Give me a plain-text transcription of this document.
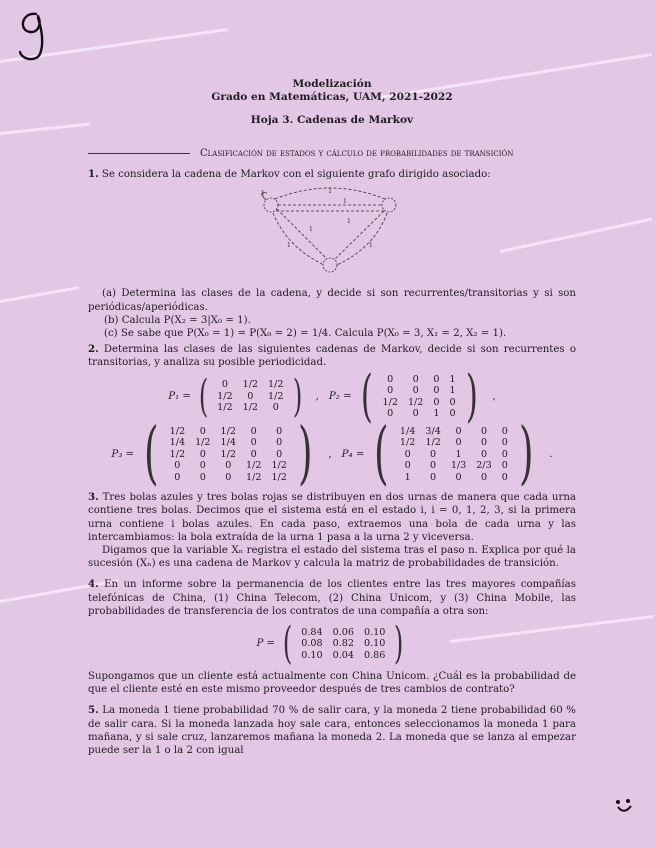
Modelización
Grado en Matemáticas, UAM, 2021-2022
Hoja 3. Cadenas de Markov
Clasificación de estados y cálculo de probabilidades de transición
1. Se considera la cadena de Markov con el siguiente grafo dirigido asociado:
1
1
1
1
1
1	1
(a) Determina las clases de la cadena, y decide si son recurrentes/transitorias y si son periódicas/aperiódicas.
(b) Calcula P(X₂ = 3|X₀ = 1).
(c) Se sabe que P(X₀ = 1) = P(X₀ = 2) = 1/4. Calcula P(X₀ = 3, X₁ = 2, X₂ = 1).
2. Determina las clases de las siguientes cadenas de Markov, decide si son recurrentes o transitorias, y analiza su posible periodicidad.
P₁ = ( 0	1/2	1/2
1/2	0	1/2
1/2	1/2	0 ) , P₂ = ( 0	0	0	1
0	0	0	1
1/2	1/2	0	0
0	0	1	0 ) ,
P₃ = ( 1/2	0	1/2	0	0
1/4	1/2	1/4	0	0
1/2	0	1/2	0	0
0	0	0	1/2	1/2
0	0	0	1/2	1/2 ) , P₄ = ( 1/4	3/4	0	0	0
1/2	1/2	0	0	0
0	0	1	0	0
0	0	1/3	2/3	0
1	0	0	0	0 ) .
3. Tres bolas azules y tres bolas rojas se distribuyen en dos urnas de manera que cada urna contiene tres bolas. Decimos que el sistema está en el estado i, i = 0, 1, 2, 3, si la primera urna contiene i bolas azules. En cada paso, extraemos una bola de cada urna y las intercambiamos: la bola extraída de la urna 1 pasa a la urna 2 y viceversa.
Digamos que la variable Xₙ registra el estado del sistema tras el paso n. Explica por qué la sucesión (Xₙ) es una cadena de Markov y calcula la matriz de probabilidades de transición.
4. En un informe sobre la permanencia de los clientes entre las tres mayores compañías telefónicas de China, (1) China Telecom, (2) China Unicom, y (3) China Mobile, las probabilidades de transferencia de los contratos de una compañía a otra son:
P = ( 0.84	0.06	0.10
0.08	0.82	0.10
0.10	0.04	0.86 )
Supongamos que un cliente está actualmente con China Unicom. ¿Cuál es la probabilidad de que el cliente esté en este mismo proveedor después de tres cambios de contrato?
5. La moneda 1 tiene probabilidad 70 % de salir cara, y la moneda 2 tiene probabilidad 60 % de salir cara. Si la moneda lanzada hoy sale cara, entonces seleccionamos la moneda 1 para mañana, y si sale cruz, lanzaremos mañana la moneda 2. La moneda que se lanza al empezar puede ser la 1 o la 2 con igual
